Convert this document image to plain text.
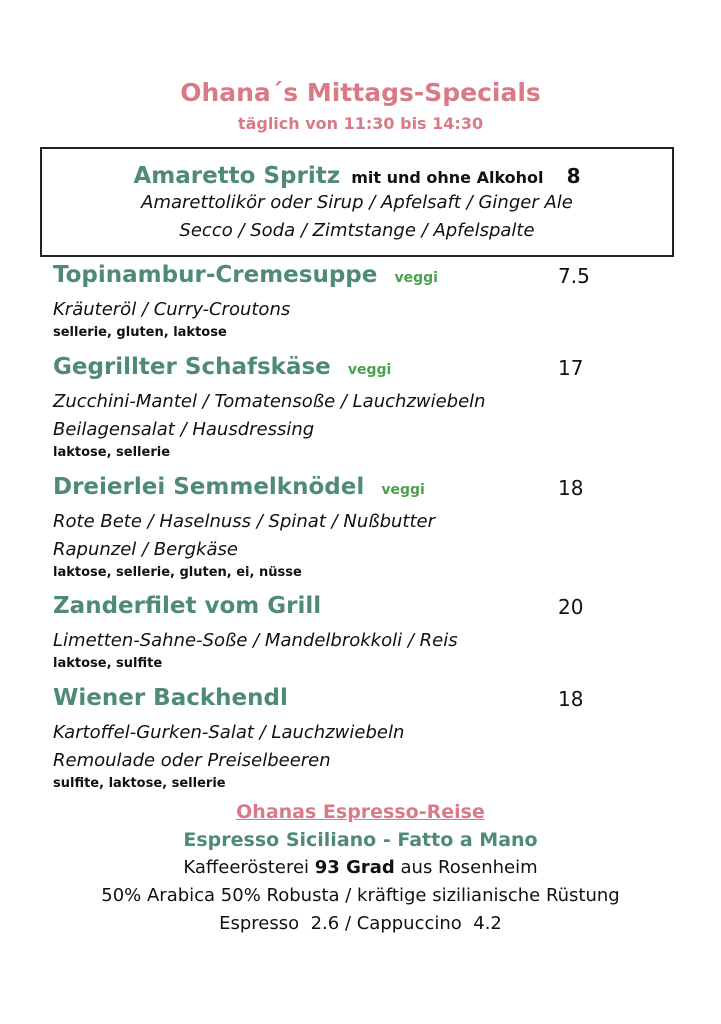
Ohana´s Mittags-Specials
täglich von 11:30 bis 14:30
Amaretto Spritz mit und ohne Alkohol 8
Amarettolikör oder Sirup / Apfelsaft / Ginger Ale
Secco / Soda / Zimtstange / Apfelspalte
Topinambur-Cremesuppe veggi	7.5
Kräuteröl / Curry-Croutons
sellerie, gluten, laktose
Gegrillter Schafskäse veggi	17
Zucchini-Mantel / Tomatensoße / Lauchzwiebeln
Beilagensalat / Hausdressing
laktose, sellerie
Dreierlei Semmelknödel veggi	18
Rote Bete / Haselnuss / Spinat / Nußbutter
Rapunzel / Bergkäse
laktose, sellerie, gluten, ei, nüsse
Zanderfilet vom Grill	20
Limetten-Sahne-Soße / Mandelbrokkoli / Reis
laktose, sulfite
Wiener Backhendl	18
Kartoffel-Gurken-Salat / Lauchzwiebeln
Remoulade oder Preiselbeeren
sulfite, laktose, sellerie
Ohanas Espresso-Reise
Espresso Siciliano - Fatto a Mano
Kaffeerösterei 93 Grad aus Rosenheim
50% Arabica 50% Robusta / kräftige sizilianische Rüstung
Espresso  2.6 / Cappuccino  4.2
